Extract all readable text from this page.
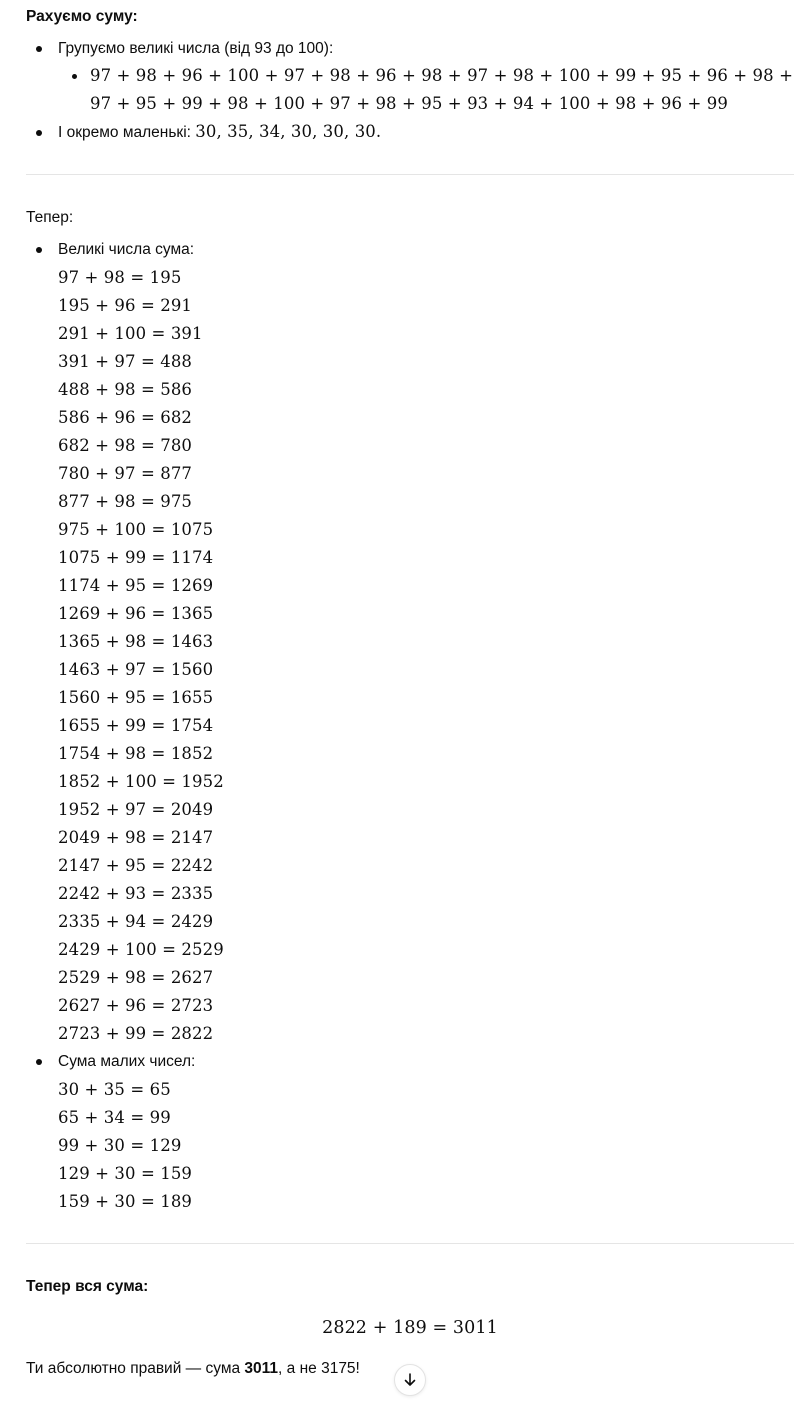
Рахуємо суму:
Групуємо великі числа (від 93 до 100):
97 + 98 + 96 + 100 + 97 + 98 + 96 + 98 + 97 + 98 + 100 + 99 + 95 + 96 + 98 +
97 + 95 + 99 + 98 + 100 + 97 + 98 + 95 + 93 + 94 + 100 + 98 + 96 + 99
І окремо маленькі: 30, 35, 34, 30, 30, 30.
Тепер:
Великі числа сума:
97 + 98 = 195
195 + 96 = 291
291 + 100 = 391
391 + 97 = 488
488 + 98 = 586
586 + 96 = 682
682 + 98 = 780
780 + 97 = 877
877 + 98 = 975
975 + 100 = 1075
1075 + 99 = 1174
1174 + 95 = 1269
1269 + 96 = 1365
1365 + 98 = 1463
1463 + 97 = 1560
1560 + 95 = 1655
1655 + 99 = 1754
1754 + 98 = 1852
1852 + 100 = 1952
1952 + 97 = 2049
2049 + 98 = 2147
2147 + 95 = 2242
2242 + 93 = 2335
2335 + 94 = 2429
2429 + 100 = 2529
2529 + 98 = 2627
2627 + 96 = 2723
2723 + 99 = 2822
Сума малих чисел:
30 + 35 = 65
65 + 34 = 99
99 + 30 = 129
129 + 30 = 159
159 + 30 = 189
Тепер вся сума:
2822 + 189 = 3011
Ти абсолютно правий — сума 3011, а не 3175!
